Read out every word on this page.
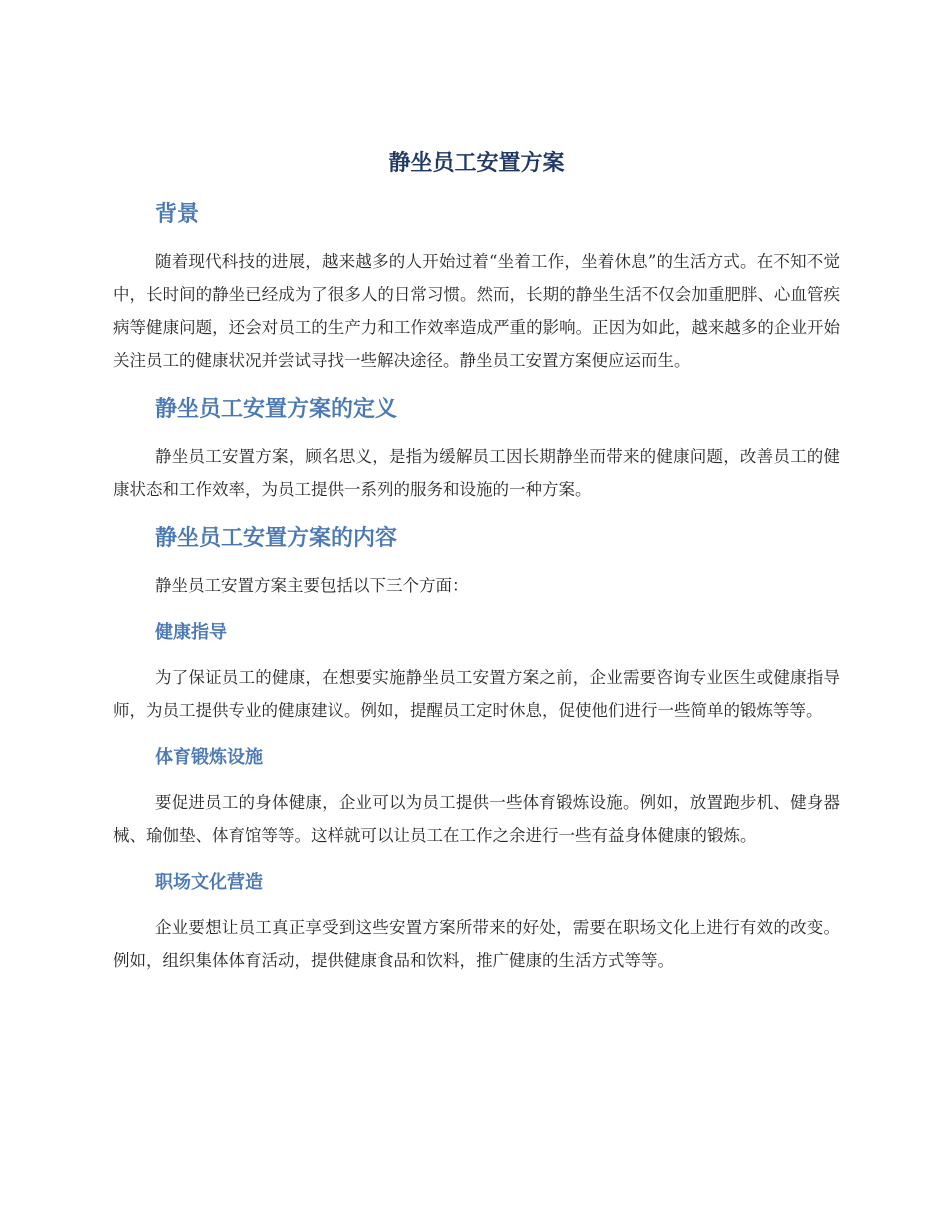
静坐员工安置方案
背景

随着现代科技的进展，越来越多的人开始过着“坐着工作，坐着休息”的生活方式。在不知不觉中，长时间的静坐已经成为了很多人的日常习惯。然而，长期的静坐生活不仅会加重肥胖、心血管疾病等健康问题，还会对员工的生产力和工作效率造成严重的影响。正因为如此，越来越多的企业开始关注员工的健康状况并尝试寻找一些解决途径。静坐员工安置方案便应运而生。

静坐员工安置方案的定义

静坐员工安置方案，顾名思义，是指为缓解员工因长期静坐而带来的健康问题，改善员工的健康状态和工作效率，为员工提供一系列的服务和设施的一种方案。

静坐员工安置方案的内容

静坐员工安置方案主要包括以下三个方面：

健康指导

为了保证员工的健康，在想要实施静坐员工安置方案之前，企业需要咨询专业医生或健康指导师，为员工提供专业的健康建议。例如，提醒员工定时休息，促使他们进行一些简单的锻炼等等。

体育锻炼设施

要促进员工的身体健康，企业可以为员工提供一些体育锻炼设施。例如，放置跑步机、健身器械、瑜伽垫、体育馆等等。这样就可以让员工在工作之余进行一些有益身体健康的锻炼。

职场文化营造

企业要想让员工真正享受到这些安置方案所带来的好处，需要在职场文化上进行有效的改变。例如，组织集体体育活动，提供健康食品和饮料，推广健康的生活方式等等。
